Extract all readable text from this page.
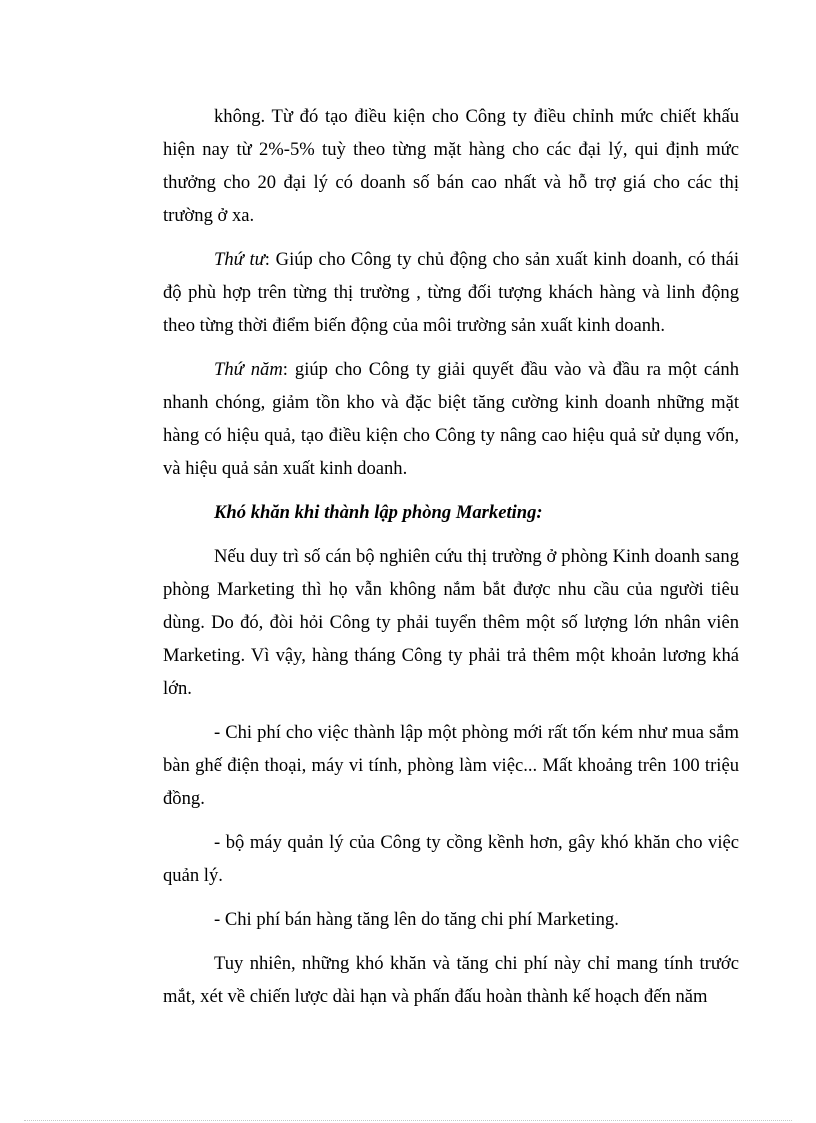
không. Từ đó tạo điều kiện cho Công ty điều chỉnh mức chiết khấu hiện nay từ 2%-5% tuỳ theo từng mặt hàng cho các đại lý, qui định mức thưởng cho 20 đại lý có doanh số bán cao nhất và hỗ trợ giá cho các thị trường ở xa.

Thứ tư: Giúp cho Công ty chủ động cho sản xuất kinh doanh, có thái độ phù hợp trên từng thị trường , từng đối tượng khách hàng và linh động theo từng thời điểm biến động của môi trường sản xuất kinh doanh.

Thứ năm: giúp cho Công ty giải quyết đầu vào và đầu ra một cánh nhanh chóng, giảm tồn kho và đặc biệt tăng cường kinh doanh những mặt hàng có hiệu quả, tạo điều kiện cho Công ty nâng cao hiệu quả sử dụng vốn, và hiệu quả sản xuất kinh doanh.

Khó khăn khi thành lập phòng Marketing:

Nếu duy trì số cán bộ nghiên cứu thị trường ở phòng Kinh doanh sang phòng Marketing thì họ vẫn không nắm bắt được nhu cầu của người tiêu dùng. Do đó, đòi hỏi Công ty phải tuyển thêm một số lượng lớn nhân viên Marketing. Vì vậy, hàng tháng Công ty phải trả thêm một khoản lương khá lớn.

- Chi phí cho việc thành lập một phòng mới rất tốn kém như mua sắm bàn ghế điện thoại, máy vi tính, phòng làm việc... Mất khoảng trên 100 triệu đồng.

- bộ máy quản lý của Công ty cồng kềnh hơn, gây khó khăn cho việc quản lý.

- Chi phí bán hàng tăng lên do tăng chi phí Marketing.

Tuy nhiên, những khó khăn và tăng chi phí này chỉ mang tính trước mắt, xét về chiến lược dài hạn và phấn đấu hoàn thành kế hoạch đến năm
